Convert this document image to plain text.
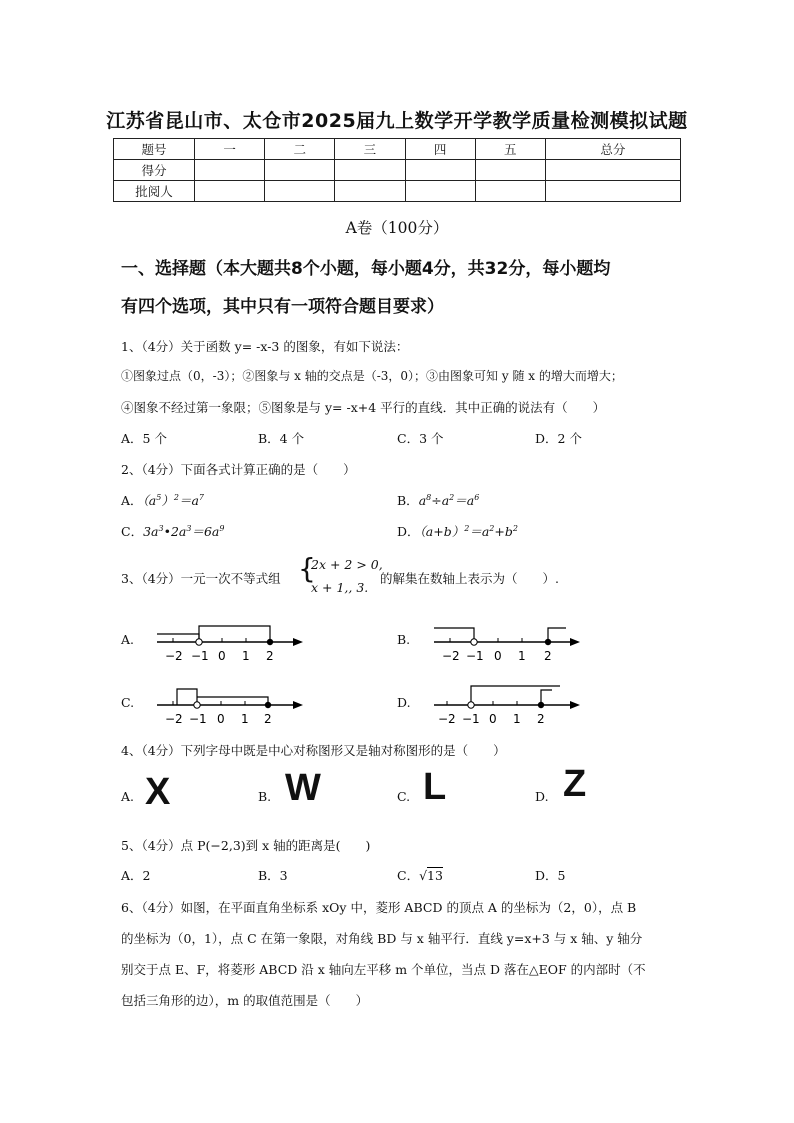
江苏省昆山市、太仓市2025届九上数学开学教学质量检测模拟试题
题号	一	二	三	四	五	总分
得分						
批阅人						
A卷（100分）
一、选择题（本大题共8个小题，每小题4分，共32分，每小题均
有四个选项，其中只有一项符合题目要求）
1、（4分）关于函数 y= -x-3 的图象，有如下说法：
①图象过点（0，-3）；②图象与 x 轴的交点是（-3，0）；③由图象可知 y 随 x 的增大而增大；
④图象不经过第一象限；⑤图象是与 y= -x+4 平行的直线．其中正确的说法有（　　）
A．5 个	B．4 个	C．3 个	D．2 个
2、（4分）下面各式计算正确的是（　　）
A．$(a^5)^2=a^7$	B．$a^8\div a^2=a^6$
C．$3a^3•2a^3=6a^9$	D．$(a+b)^2=a^2+b^2$
3、（4分）一元一次不等式组 {
2x + 2 > 0,
x + 1,, 3.
的解集在数轴上表示为（　　）.
A.	B.
C.	D.
−2 −1 0 1 2	−2 −1 0 1 2
−2 −1 0 1 2	−2 −1 0 1 2
4、（4分）下列字母中既是中心对称图形又是轴对称图形的是（　　）
A. X	B. W	C. L	D. Z
5、（4分）点 P(−2,3)到 x 轴的距离是(　　)
A．2	B．3	C．√13	D．5
6、（4分）如图，在平面直角坐标系 xOy 中，菱形 ABCD 的顶点 A 的坐标为（2，0），点 B
的坐标为（0，1），点 C 在第一象限，对角线 BD 与 x 轴平行．直线 y=x+3 与 x 轴、y 轴分
别交于点 E、F，将菱形 ABCD 沿 x 轴向左平移 m 个单位，当点 D 落在△EOF 的内部时（不
包括三角形的边），m 的取值范围是（　　）
